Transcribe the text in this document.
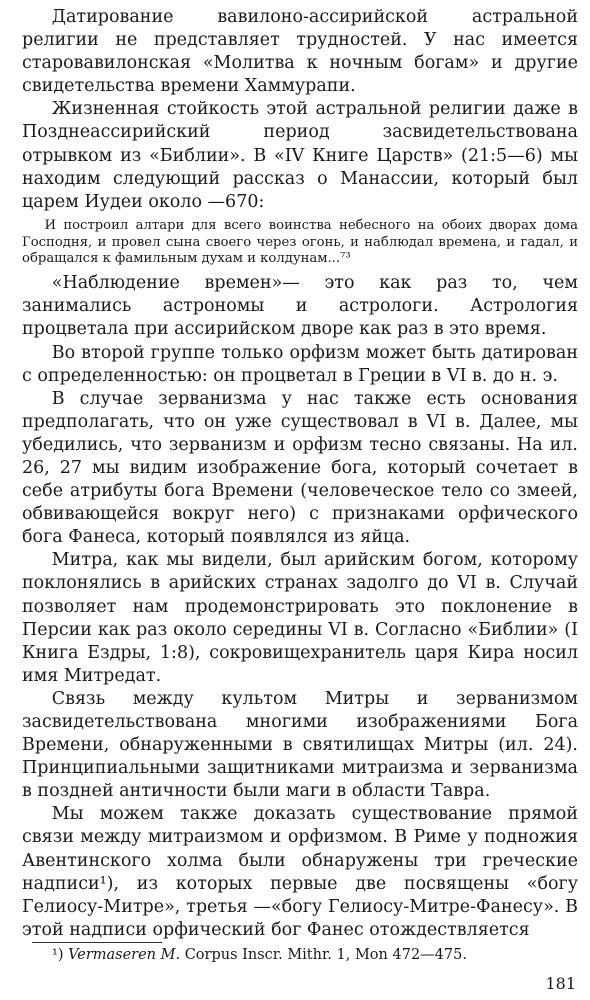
Датирование вавилоно-ассирийской астральной религии не представляет трудностей. У нас имеется старовавилонская «Молитва к ночным богам» и другие свидетельства времени Хаммурапи.

Жизненная стойкость этой астральной религии даже в Позднеассирийский период засвидетельствована отрывком из «Библии». В «IV Книге Царств» (21:5—6) мы находим следующий рассказ о Манассии, который был царем Иудеи около —670:

И построил алтари для всего воинства небесного на обоих дворах дома Господня, и провел сына своего через огонь, и наблюдал времена, и гадал, и обращался к фамильным духам и колдунам...⁷³

«Наблюдение времен»— это как раз то, чем занимались астрономы и астрологи. Астрология процветала при ассирийском дворе как раз в это время.

Во второй группе только орфизм может быть датирован с определенностью: он процветал в Греции в VI в. до н. э.

В случае зерванизма у нас также есть основания предполагать, что он уже существовал в VI в. Далее, мы убедились, что зерванизм и орфизм тесно связаны. На ил. 26, 27 мы видим изображение бога, который сочетает в себе атрибуты бога Времени (человеческое тело со змеей, обвивающейся вокруг него) с признаками орфического бога Фанеса, который появлялся из яйца.

Митра, как мы видели, был арийским богом, которому поклонялись в арийских странах задолго до VI в. Случай позволяет нам продемонстрировать это поклонение в Персии как раз около середины VI в. Согласно «Библии» (I Книга Ездры, 1:8), сокровищехранитель царя Кира носил имя Митредат.

Связь между культом Митры и зерванизмом засвидетельствована многими изображениями Бога Времени, обнаруженными в святилищах Митры (ил. 24). Принципиальными защитниками митраизма и зерванизма в поздней античности были маги в области Тавра.

Мы можем также доказать существование прямой связи между митраизмом и орфизмом. В Риме у подножия Авентинского холма были обнаружены три греческие надписи¹), из которых первые две посвящены «богу Гелиосу-Митре», третья —«богу Гелиосу-Митре-Фанесу». В этой надписи орфический бог Фанес отождествляется

¹) Vermaseren M. Corpus Inscr. Mithr. 1, Mon 472—475.

181
